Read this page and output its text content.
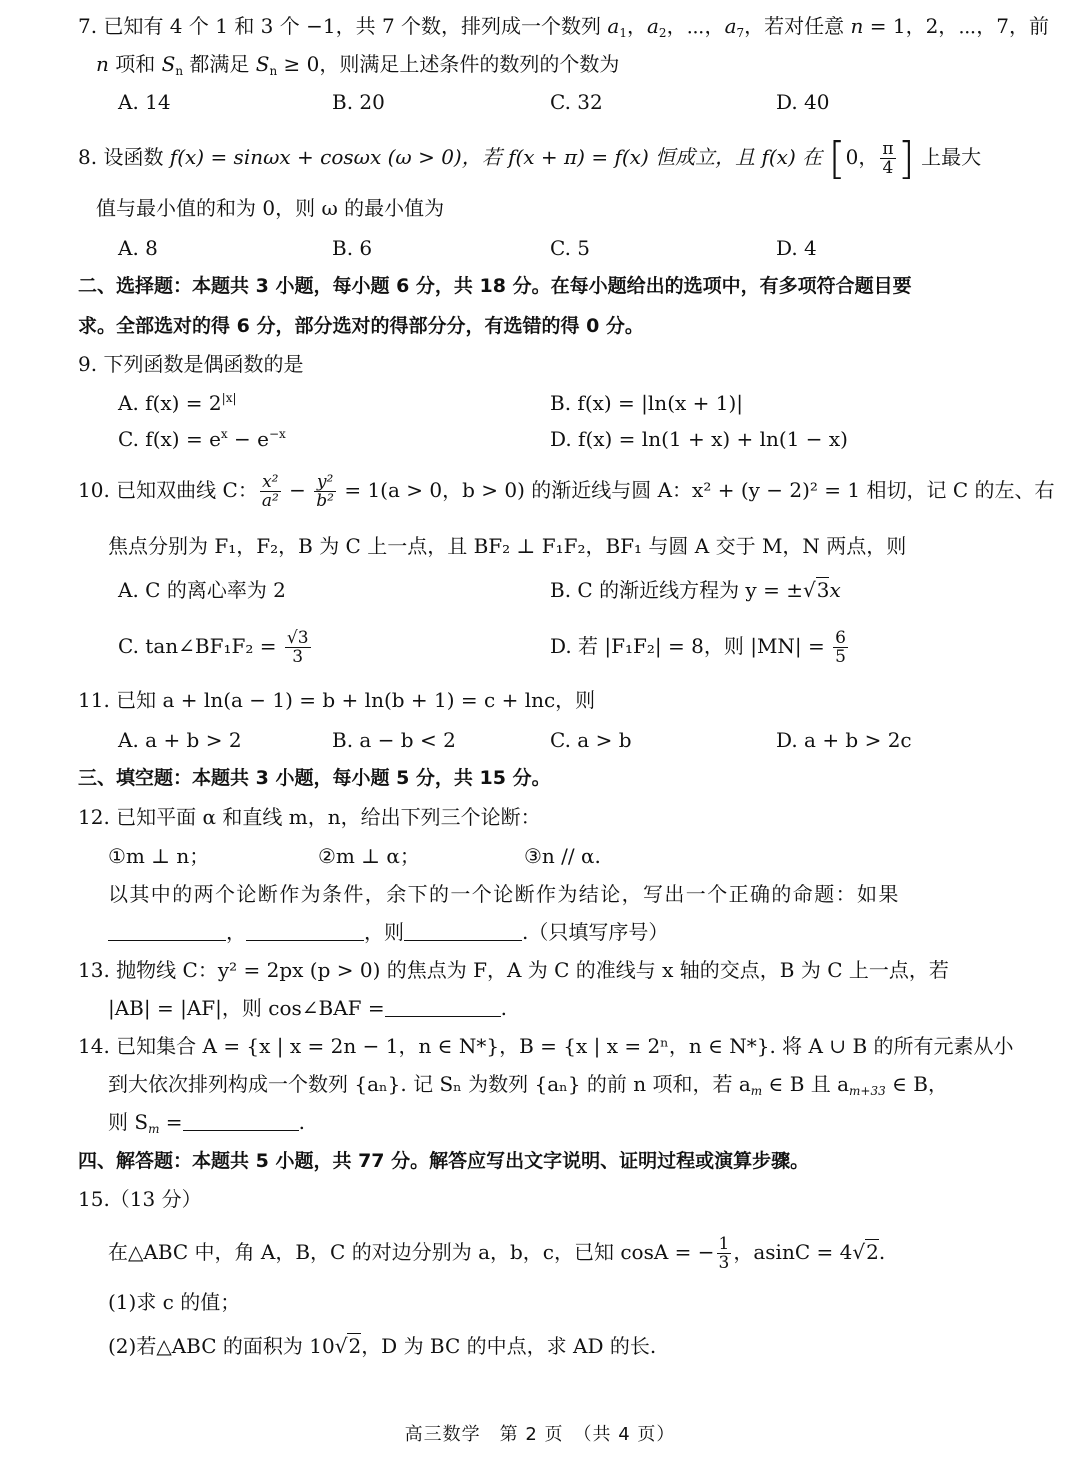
7. 已知有 4 个 1 和 3 个 −1，共 7 个数，排列成一个数列 $a_1$，$a_2$，⋯，$a_7$，若对任意 n = 1，2，⋯，7，前
n 项和 $S_n$ 都满足 $S_n \ge 0$，则满足上述条件的数列的个数为
A. 14	B. 20	C. 32	D. 40
8. 设函数 f(x) = sinωx + cosωx (ω > 0)，若 f(x + π) = f(x) 恒成立，且 f(x) 在 [0， $\frac{\pi}{4}$ ] 上最大
值与最小值的和为 0，则 ω 的最小值为
A. 8	B. 6	C. 5	D. 4
二、选择题：本题共 3 小题，每小题 6 分，共 18 分。在每小题给出的选项中，有多项符合题目要
求。全部选对的得 6 分，部分选对的得部分分，有选错的得 0 分。
9. 下列函数是偶函数的是
A. $f(x) = 2^{|x|}$	B. f(x) = |ln(x + 1)|
C. $f(x) = e^x - e^{-x}$	D. f(x) = ln(1 + x) + ln(1 − x)
10. 已知双曲线 C： $\frac{\text{x²}}{\text{a²}} - \frac{\text{y²}}{\text{b²}} = 1(a > 0$，b > 0) 的渐近线与圆 A：x² + (y − 2)² = 1 相切，记 C 的左、右
焦点分别为 F₁，F₂，B 为 C 上一点，且 BF₂ ⊥ F₁F₂，BF₁ 与圆 A 交于 M，N 两点，则
A. C 的离心率为 2	B. C 的渐近线方程为 y = ±√3x
C. tan∠BF₁F₂ = $\frac{√3}{3}$	D. 若 |F₁F₂| = 8，则 $|MN| = \frac{6}{5}$
11. 已知 a + ln(a − 1) = b + ln(b + 1) = c + lnc，则
A. a + b > 2	B. a − b < 2	C. a > b	D. a + b > 2c
三、填空题：本题共 3 小题，每小题 5 分，共 15 分。
12. 已知平面 α 和直线 m，n，给出下列三个论断：
①m ⊥ n；	②m ⊥ α；	③n // α.
以其中的两个论断作为条件，余下的一个论断作为结论，写出一个正确的命题：如果
，	，则	.（只填写序号）
13. 抛物线 C：y² = 2px (p > 0) 的焦点为 F，A 为 C 的准线与 x 轴的交点，B 为 C 上一点，若
|AB| = |AF|，则 cos∠BAF =	.
14. 已知集合 A = {x | x = 2n − 1，n ∈ N*}，B = {x | x = 2ⁿ，n ∈ N*}. 将 A ∪ B 的所有元素从小
到大依次排列构成一个数列 {aₙ}. 记 Sₙ 为数列 {aₙ} 的前 n 项和，若 $a_m$ ∈ B 且 $a_{m+33}$ ∈ B，
则 $S_m$ =	.
四、解答题：本题共 5 小题，共 77 分。解答应写出文字说明、证明过程或演算步骤。
15.（13 分）
在△ABC 中，角 A，B，C 的对边分别为 a，b，c，已知 cosA = − $\frac{1}{3}$ ，asinC = 4√2.
(1)求 c 的值；
(2)若△ABC 的面积为 10√2，D 为 BC 的中点，求 AD 的长.
高三数学　第 2 页　（共 4 页）
